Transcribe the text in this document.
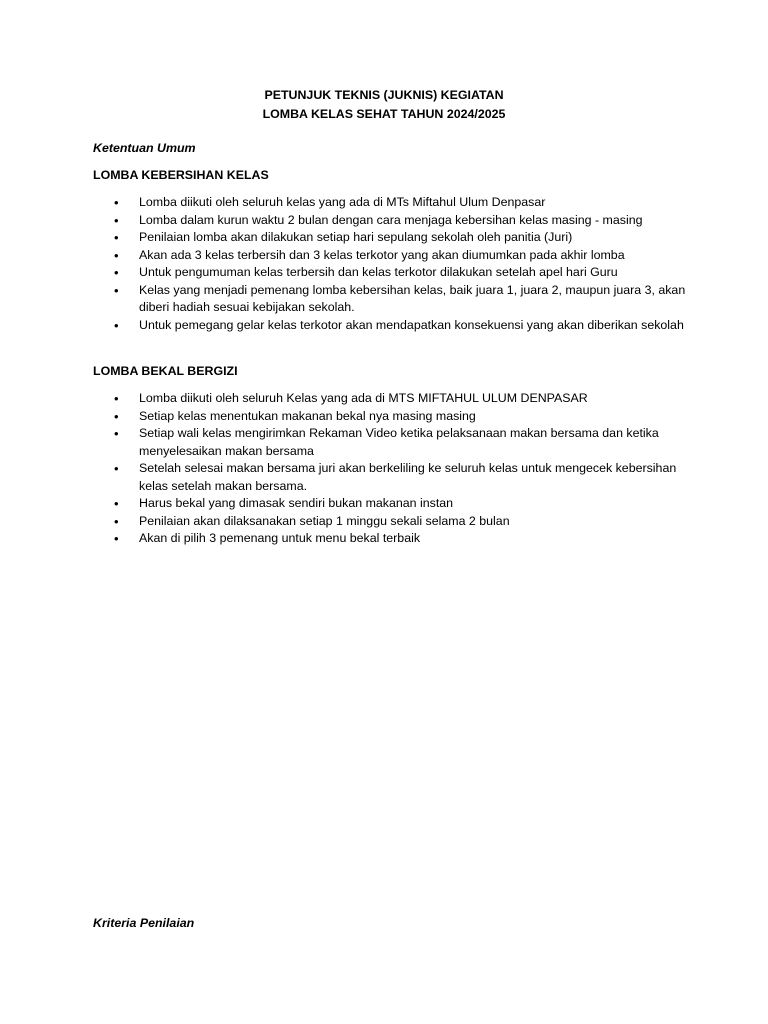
PETUNJUK TEKNIS (JUKNIS) KEGIATAN
LOMBA KELAS SEHAT TAHUN 2024/2025
Ketentuan Umum
LOMBA KEBERSIHAN KELAS
• Lomba diikuti oleh seluruh kelas yang ada di MTs Miftahul Ulum Denpasar
• Lomba dalam kurun waktu 2 bulan dengan cara menjaga kebersihan kelas masing - masing
• Penilaian lomba akan dilakukan setiap hari sepulang sekolah oleh panitia (Juri)
• Akan ada 3 kelas terbersih dan 3 kelas terkotor yang akan diumumkan pada akhir lomba
• Untuk pengumuman kelas terbersih dan kelas terkotor dilakukan setelah apel hari Guru
• Kelas yang menjadi pemenang lomba kebersihan kelas, baik juara 1, juara 2, maupun juara 3, akan diberi hadiah sesuai kebijakan sekolah.
• Untuk pemegang gelar kelas terkotor akan mendapatkan konsekuensi yang akan diberikan sekolah
LOMBA BEKAL BERGIZI
• Lomba diikuti oleh seluruh Kelas yang ada di MTS MIFTAHUL ULUM DENPASAR
• Setiap kelas menentukan makanan bekal nya masing masing
• Setiap wali kelas mengirimkan Rekaman Video ketika pelaksanaan makan bersama dan ketika menyelesaikan makan bersama
• Setelah selesai makan bersama juri akan berkeliling ke seluruh kelas untuk mengecek kebersihan kelas setelah makan bersama.
• Harus bekal yang dimasak sendiri bukan makanan instan
• Penilaian akan dilaksanakan setiap 1 minggu sekali selama 2 bulan
• Akan di pilih 3 pemenang untuk menu bekal terbaik
Kriteria Penilaian
